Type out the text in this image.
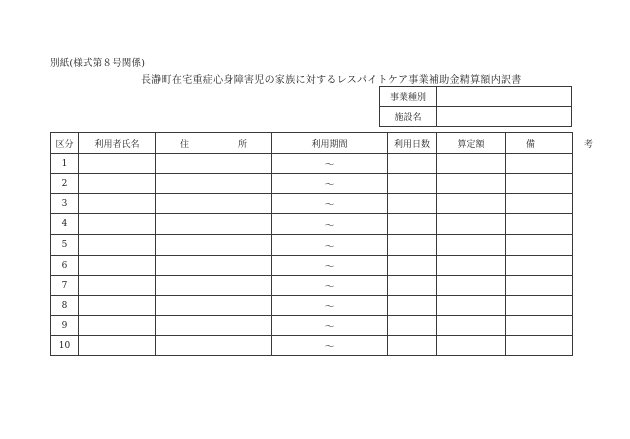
別紙(様式第８号関係)
長瀞町在宅重症心身障害児の家族に対するレスパイトケア事業補助金精算額内訳書
事業種別	
施設名	
区分	利用者氏名	住　所	利用期間	利用日数	算定額	備　考
1			～			
2			～			
3			～			
4			～			
5			～			
6			～			
7			～			
8			～			
9			～			
10			～			
